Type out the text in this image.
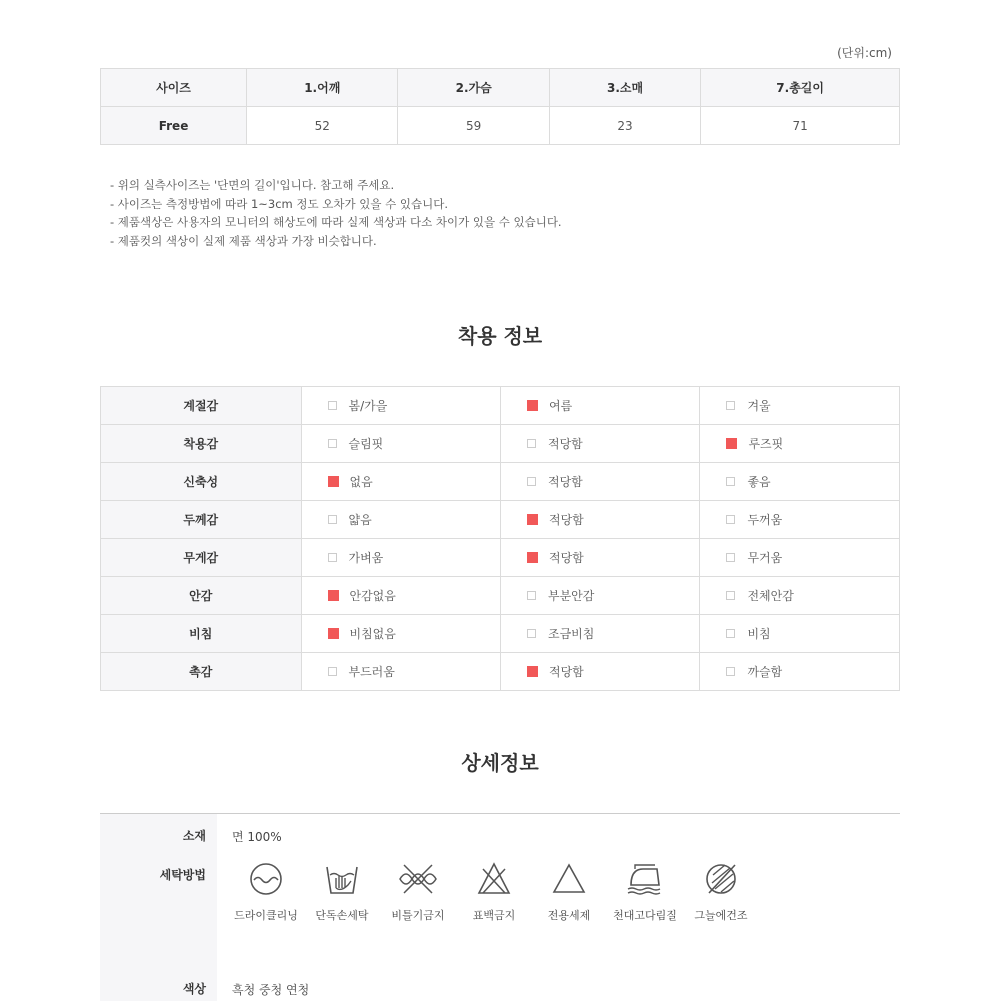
(단위:cm)
사이즈	1.어깨	2.가슴	3.소매	7.총길이
Free	52	59	23	71
- 위의 실측사이즈는 '단면의 길이'입니다. 참고해 주세요.
- 사이즈는 측정방법에 따라 1~3cm 정도 오차가 있을 수 있습니다.
- 제품색상은 사용자의 모니터의 해상도에 따라 실제 색상과 다소 차이가 있을 수 있습니다.
- 제품컷의 색상이 실제 제품 색상과 가장 비슷합니다.
착용 정보
계절감	봄/가을	여름	겨울
착용감	슬림핏	적당함	루즈핏
신축성	없음	적당함	좋음
두께감	얇음	적당함	두꺼움
무게감	가벼움	적당함	무거움
안감	안감없음	부분안감	전체안감
비침	비침없음	조금비침	비침
촉감	부드러움	적당함	까슬함
상세정보
소재 면 100%
세탁방법
드라이클리닝	단독손세탁	비틀기금지	표백금지	전용세제	천대고다림질	그늘에건조
색상 흑청 중청 연청
